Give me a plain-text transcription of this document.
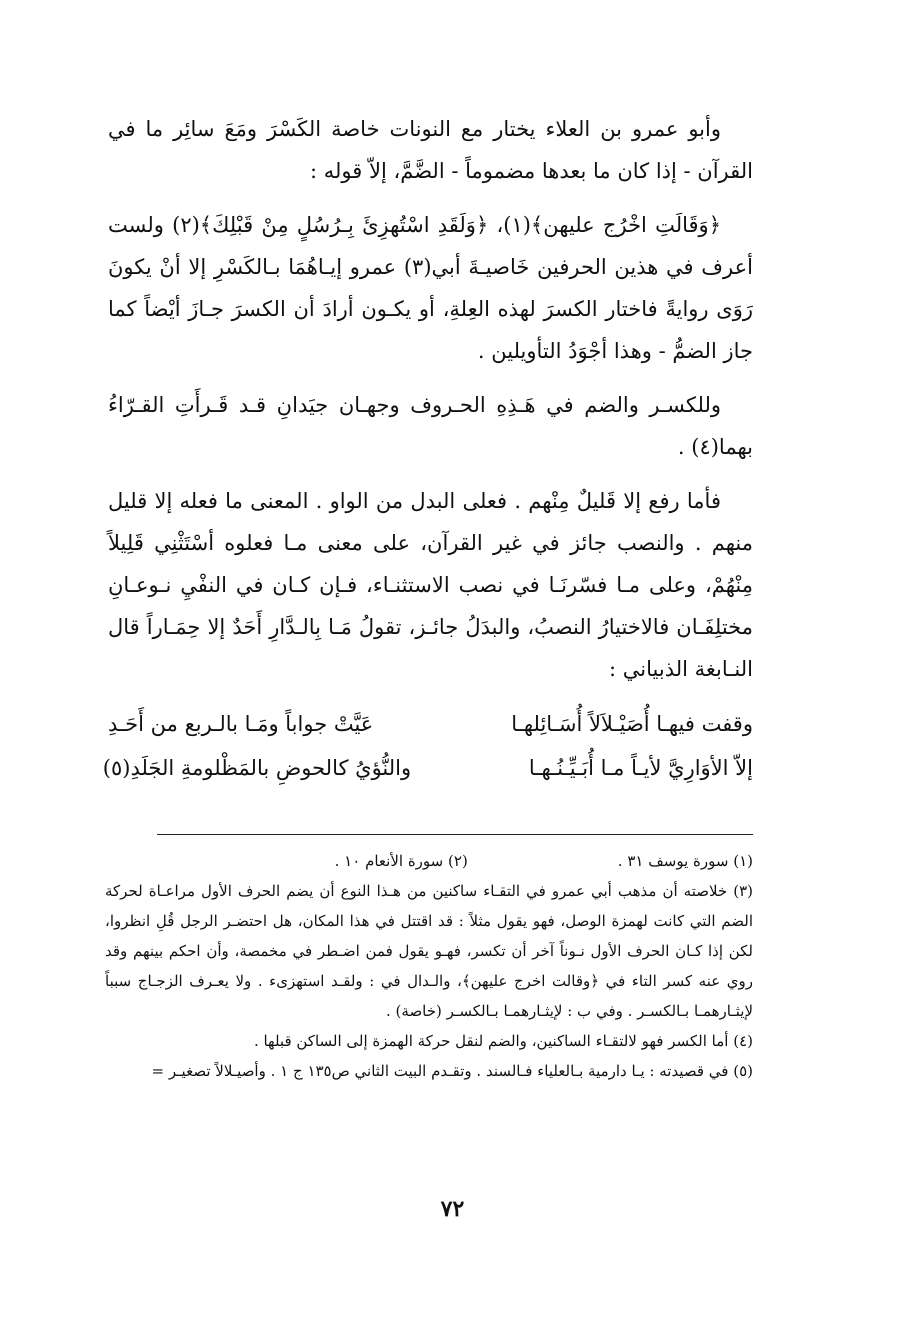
وأبو عمرو بن العلاء يختار مع النونات خاصة الكَسْرَ ومَعَ سائِر ما في القرآن - إذا كان ما بعدها مضموماً - الضَّمَّ، إلاّ قوله :

﴿وَقَالَتِ اخْرُج عليهن﴾(١)، ﴿وَلَقَدِ اسْتُهزِئَ بِـرُسُلٍ مِنْ قَبْلِكَ﴾(٢) ولست أعرف في هذين الحرفين خَاصيـةَ أبي(٣) عمرو إيـاهُمَا بـالكَسْرِ إلا أنْ يكونَ رَوَى روايةً فاختار الكسرَ لهذه العِلةِ، أو يكـون أرادَ أن الكسرَ جـازَ أيْضاً كما جاز الضمُّ - وهذا أجْوَدُ التأويلين .

وللكسـر والضم في هَـذِهِ الحـروف وجهـان جيَدانِ قـد قَـرأَتِ القـرّاءُ بهما(٤) .

فأما رفع إلا قَليلٌ مِنْهم . فعلى البدل من الواو . المعنى ما فعله إلا قليل منهم . والنصب جائز في غير القرآن، على معنى مـا فعلوه أسْتَثْنِي قَلِيلاً مِنْهُمْ، وعلى مـا فسّرنَـا في نصب الاستثنـاء، فـإن كـان في النفْيِ نـوعـانِ مختلِفَـان فالاختيارُ النصبُ، والبدَلُ جائـز، تقولُ مَـا بِالـدَّارِ أَحَدٌ إلا حِمَـاراً قال النـابغة الذبياني :

وقفت فيهـا أُصَيْـلاَلاً أُسَـائِلهـا
عَيَّتْ جواباً ومَـا بالـربع من أَحَـدِ
إلاّ الأوَارِيَّ لأيـاً مـا أُبَـيِّـنُـهـا
والنُّؤيُ كالحوضِ بالمَظْلومةِ الجَلَدِ(٥)

(١) سورة يوسف ٣١ .

(٢) سورة الأنعام ١٠ .

(٣) خلاصته أن مذهب أبي عمرو في التقـاء ساكنين من هـذا النوع أن يضم الحرف الأول مراعـاة لحركة الضم التي كانت لهمزة الوصل، فهو يقول مثلاً : قد اقتتل في هذا المكان، هل احتضـر الرجل قُلِ انظروا، لكن إذا كـان الحرف الأول نـوناً آخر أن تكسر، فهـو يقول فمن اضـطر في مخمصة، وأن احكم بينهم وقد روي عنه كسر التاء في ﴿وقالت اخرج عليهن﴾، والـدال في : ولقـد استهزىء . ولا يعـرف الزجـاج سبباً لإيثـارهمـا بـالكسـر . وفي ب : لإيثـارهمـا بـالكسـر (خاصة) .

(٤) أما الكسر فهو لالتقـاء الساكنين، والضم لنقل حركة الهمزة إلى الساكن قبلها .

(٥) في قصيدته : يـا دارمية بـالعلياء فـالسند . وتقـدم البيت الثاني ص١٣٥ ج ١ . وأصيـلالاً تصغيـر =

٧٢
